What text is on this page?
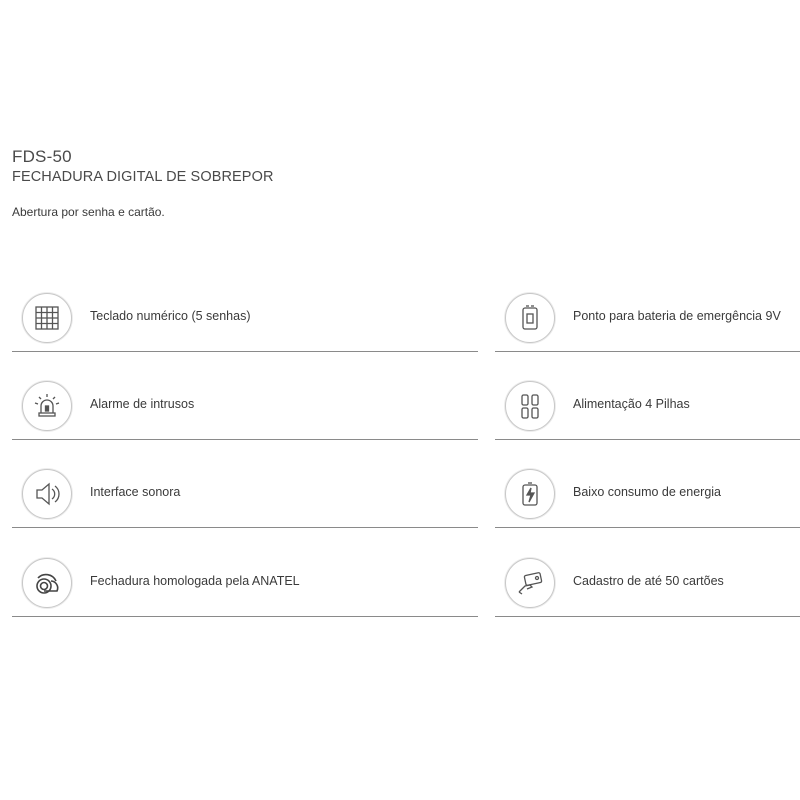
FDS-50
FECHADURA DIGITAL DE SOBREPOR
Abertura por senha e cartão.
Teclado numérico (5 senhas)
Alarme de intrusos
Interface sonora
Fechadura homologada pela ANATEL
Ponto para bateria de emergência 9V
Alimentação 4 Pilhas
Baixo consumo de energia
Cadastro de até 50 cartões
